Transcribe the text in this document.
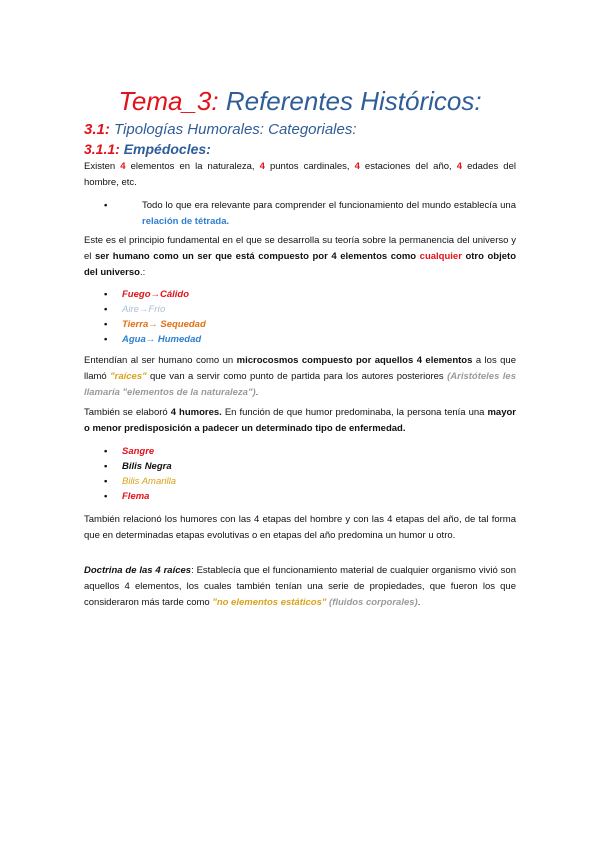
Tema_3: Referentes Históricos:
3.1: Tipologías Humorales: Categoriales:
3.1.1: Empédocles:

Existen 4 elementos en la naturaleza, 4 puntos cardinales, 4 estaciones del año, 4 edades del hombre, etc.

•	Todo lo que era relevante para comprender el funcionamiento del mundo establecía una relación de tétrada.

Este es el principio fundamental en el que se desarrolla su teoría sobre la permanencia del universo y el ser humano como un ser que está compuesto por 4 elementos como cualquier otro objeto del universo.:

• Fuego→Cálido
• Aire→Frío
• Tierra→ Sequedad
• Agua→ Humedad

Entendían al ser humano como un microcosmos compuesto por aquellos 4 elementos a los que llamó "raíces" que van a servir como punto de partida para los autores posteriores (Aristóteles les llamaría "elementos de la naturaleza").

También se elaboró 4 humores. En función de que humor predominaba, la persona tenía una mayor o menor predisposición a padecer un determinado tipo de enfermedad.

• Sangre
• Bilis Negra
• Bilis Amarilla
• Flema

También relacionó los humores con las 4 etapas del hombre y con las 4 etapas del año, de tal forma que en determinadas etapas evolutivas o en etapas del año predomina un humor u otro.

Doctrina de las 4 raíces: Establecía que el funcionamiento material de cualquier organismo vivió son aquellos 4 elementos, los cuales también tenían una serie de propiedades, que fueron los que consideraron más tarde como "no elementos estáticos" (fluidos corporales).
